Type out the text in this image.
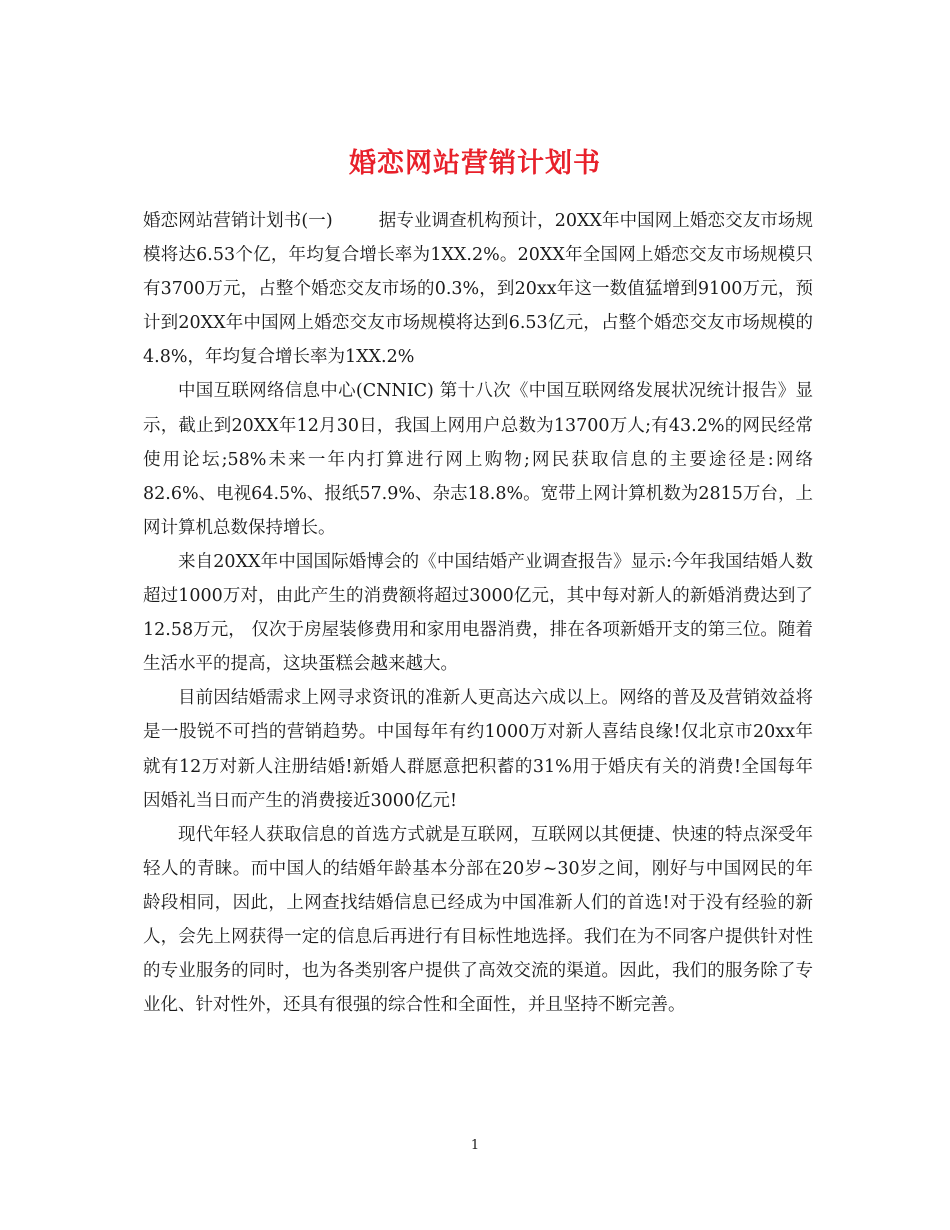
婚恋网站营销计划书

婚恋网站营销计划书(一)	据专业调查机构预计，20XX年中国网上婚恋交友市场规模将达6.53个亿，年均复合增长率为1XX.2%。20XX年全国网上婚恋交友市场规模只有3700万元，占整个婚恋交友市场的0.3%，到20xx年这一数值猛增到9100万元，预计到20XX年中国网上婚恋交友市场规模将达到6.53亿元，占整个婚恋交友市场规模的4.8%，年均复合增长率为1XX.2%

中国互联网络信息中心(CNNIC) 第十八次《中国互联网络发展状况统计报告》显示，截止到20XX年12月30日，我国上网用户总数为13700万人;有43.2%的网民经常使用论坛;58%未来一年内打算进行网上购物;网民获取信息的主要途径是:网络82.6%、电视64.5%、报纸57.9%、杂志18.8%。宽带上网计算机数为2815万台，上网计算机总数保持增长。

来自20XX年中国国际婚博会的《中国结婚产业调查报告》显示:今年我国结婚人数超过1000万对，由此产生的消费额将超过3000亿元，其中每对新人的新婚消费达到了12.58万元， 仅次于房屋装修费用和家用电器消费，排在各项新婚开支的第三位。随着生活水平的提高，这块蛋糕会越来越大。

目前因结婚需求上网寻求资讯的准新人更高达六成以上。网络的普及及营销效益将是一股锐不可挡的营销趋势。中国每年有约1000万对新人喜结良缘!仅北京市20xx年就有12万对新人注册结婚!新婚人群愿意把积蓄的31%用于婚庆有关的消费!全国每年因婚礼当日而产生的消费接近3000亿元!

现代年轻人获取信息的首选方式就是互联网，互联网以其便捷、快速的特点深受年轻人的青睐。而中国人的结婚年龄基本分部在20岁~30岁之间，刚好与中国网民的年龄段相同，因此，上网查找结婚信息已经成为中国准新人们的首选!对于没有经验的新人，会先上网获得一定的信息后再进行有目标性地选择。我们在为不同客户提供针对性的专业服务的同时，也为各类别客户提供了高效交流的渠道。因此，我们的服务除了专业化、针对性外，还具有很强的综合性和全面性，并且坚持不断完善。

1
